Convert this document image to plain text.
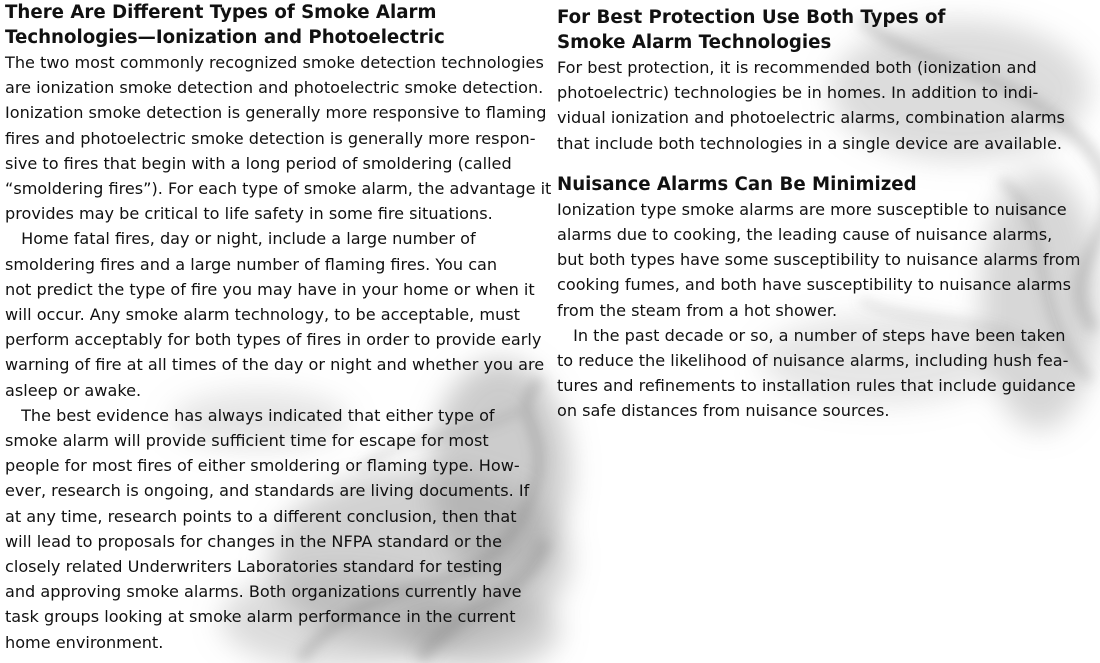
There Are Different Types of Smoke Alarm
Technologies—Ionization and Photoelectric
The two most commonly recognized smoke detection technologies
are ionization smoke detection and photoelectric smoke detection.
Ionization smoke detection is generally more responsive to flaming
fires and photoelectric smoke detection is generally more respon-
sive to fires that begin with a long period of smoldering (called
“smoldering fires”). For each type of smoke alarm, the advantage it
provides may be critical to life safety in some fire situations.
 Home fatal fires, day or night, include a large number of
smoldering fires and a large number of flaming fires. You can
not predict the type of fire you may have in your home or when it
will occur. Any smoke alarm technology, to be acceptable, must
perform acceptably for both types of fires in order to provide early
warning of fire at all times of the day or night and whether you are
asleep or awake.
 The best evidence has always indicated that either type of
smoke alarm will provide sufficient time for escape for most
people for most fires of either smoldering or flaming type. How-
ever, research is ongoing, and standards are living documents. If
at any time, research points to a different conclusion, then that
will lead to proposals for changes in the NFPA standard or the
closely related Underwriters Laboratories standard for testing
and approving smoke alarms. Both organizations currently have
task groups looking at smoke alarm performance in the current
home environment.
For Best Protection Use Both Types of
Smoke Alarm Technologies
For best protection, it is recommended both (ionization and
photoelectric) technologies be in homes. In addition to indi-
vidual ionization and photoelectric alarms, combination alarms
that include both technologies in a single device are available.
Nuisance Alarms Can Be Minimized
Ionization type smoke alarms are more susceptible to nuisance
alarms due to cooking, the leading cause of nuisance alarms,
but both types have some susceptibility to nuisance alarms from
cooking fumes, and both have susceptibility to nuisance alarms
from the steam from a hot shower.
 In the past decade or so, a number of steps have been taken
to reduce the likelihood of nuisance alarms, including hush fea-
tures and refinements to installation rules that include guidance
on safe distances from nuisance sources.
